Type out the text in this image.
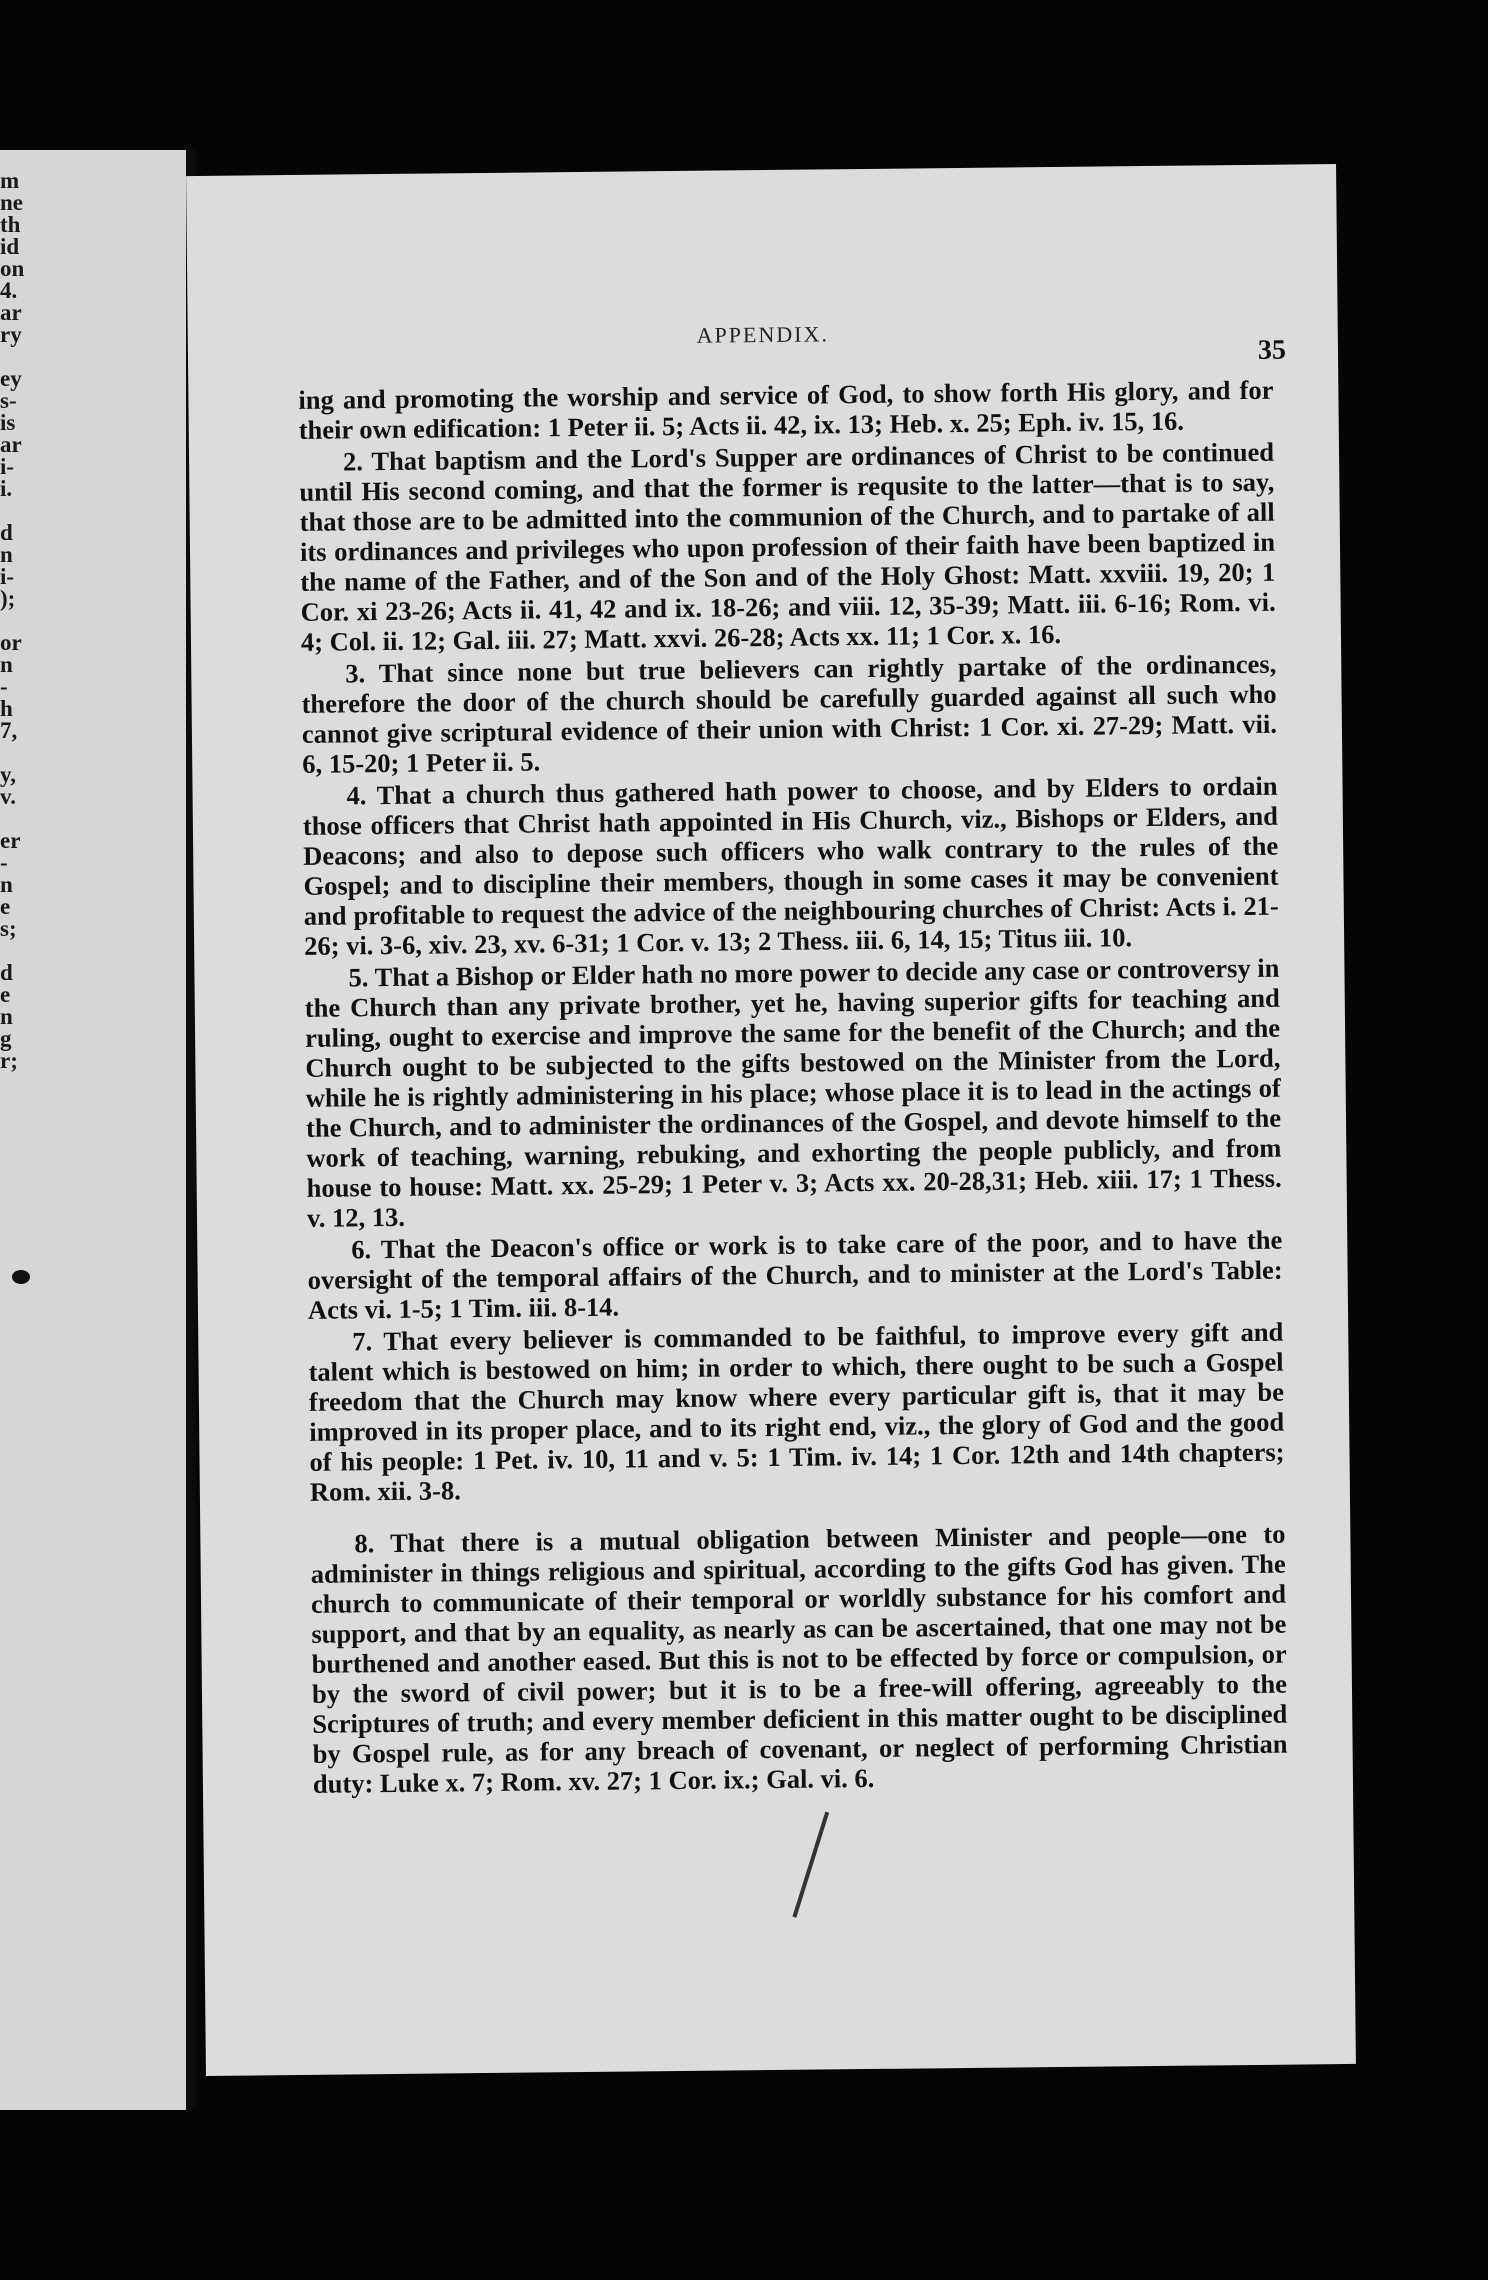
m
ne
th
id
on
4.
ar
ry
ey
s-
is
ar
i-
i.
d
n
i-
);
or
n
-
h
7,
y,
v.
er
-
n
e
s;
d
e
n
g
r;
APPENDIX.
35

ing and promoting the worship and service of God, to show forth His glory, and for their own edification: 1 Peter ii. 5; Acts ii. 42, ix. 13; Heb. x. 25; Eph. iv. 15, 16.

2. That baptism and the Lord's Supper are ordinances of Christ to be continued until His second coming, and that the former is requsite to the latter—that is to say, that those are to be admitted into the communion of the Church, and to partake of all its ordinances and privileges who upon profession of their faith have been baptized in the name of the Father, and of the Son and of the Holy Ghost: Matt. xxviii. 19, 20; 1 Cor. xi 23-26; Acts ii. 41, 42 and ix. 18-26; and viii. 12, 35-39; Matt. iii. 6-16; Rom. vi. 4; Col. ii. 12; Gal. iii. 27; Matt. xxvi. 26-28; Acts xx. 11; 1 Cor. x. 16.

3. That since none but true believers can rightly partake of the ordinances, therefore the door of the church should be carefully guarded against all such who cannot give scriptural evidence of their union with Christ: 1 Cor. xi. 27-29; Matt. vii. 6, 15-20; 1 Peter ii. 5.

4. That a church thus gathered hath power to choose, and by Elders to ordain those officers that Christ hath appointed in His Church, viz., Bishops or Elders, and Deacons; and also to depose such officers who walk contrary to the rules of the Gospel; and to discipline their members, though in some cases it may be convenient and profitable to request the advice of the neighbouring churches of Christ: Acts i. 21-26; vi. 3-6, xiv. 23, xv. 6-31; 1 Cor. v. 13; 2 Thess. iii. 6, 14, 15; Titus iii. 10.

5. That a Bishop or Elder hath no more power to decide any case or controversy in the Church than any private brother, yet he, having superior gifts for teaching and ruling, ought to exercise and improve the same for the benefit of the Church; and the Church ought to be subjected to the gifts bestowed on the Minister from the Lord, while he is rightly administering in his place; whose place it is to lead in the actings of the Church, and to administer the ordinances of the Gospel, and devote himself to the work of teaching, warning, rebuking, and exhorting the people publicly, and from house to house: Matt. xx. 25-29; 1 Peter v. 3; Acts xx. 20-28,31; Heb. xiii. 17; 1 Thess. v. 12, 13.

6. That the Deacon's office or work is to take care of the poor, and to have the oversight of the temporal affairs of the Church, and to minister at the Lord's Table: Acts vi. 1-5; 1 Tim. iii. 8-14.

7. That every believer is commanded to be faithful, to improve every gift and talent which is bestowed on him; in order to which, there ought to be such a Gospel freedom that the Church may know where every particular gift is, that it may be improved in its proper place, and to its right end, viz., the glory of God and the good of his people: 1 Pet. iv. 10, 11 and v. 5: 1 Tim. iv. 14; 1 Cor. 12th and 14th chapters; Rom. xii. 3-8.

8. That there is a mutual obligation between Minister and people—one to administer in things religious and spiritual, according to the gifts God has given. The church to communicate of their temporal or worldly substance for his comfort and support, and that by an equality, as nearly as can be ascertained, that one may not be burthened and another eased. But this is not to be effected by force or compulsion, or by the sword of civil power; but it is to be a free-will offering, agreeably to the Scriptures of truth; and every member deficient in this matter ought to be disciplined by Gospel rule, as for any breach of covenant, or neglect of performing Christian duty: Luke x. 7; Rom. xv. 27; 1 Cor. ix.; Gal. vi. 6.
